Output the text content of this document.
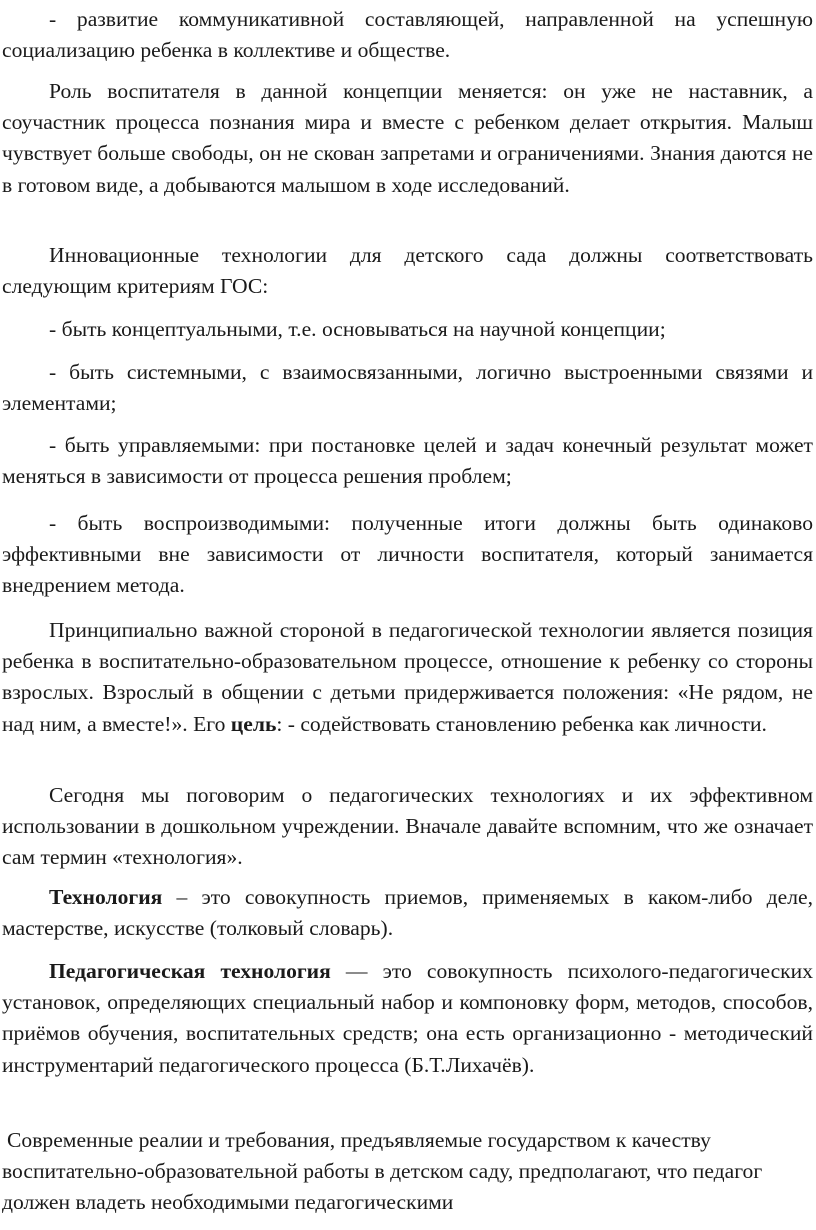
- развитие коммуникативной составляющей, направленной на успешную социализацию ребенка в коллективе и обществе.

Роль воспитателя в данной концепции меняется: он уже не наставник, а соучастник процесса познания мира и вместе с ребенком делает открытия. Малыш чувствует больше свободы, он не скован запретами и ограничениями. Знания даются не в готовом виде, а добываются малышом в ходе исследований.

Инновационные технологии для детского сада должны соответствовать следующим критериям ГОС:

- быть концептуальными, т.е. основываться на научной концепции;

- быть системными, с взаимосвязанными, логично выстроенными связями и элементами;

- быть управляемыми: при постановке целей и задач конечный результат может меняться в зависимости от процесса решения проблем;

- быть воспроизводимыми: полученные итоги должны быть одинаково эффективными вне зависимости от личности воспитателя, который занимается внедрением метода.

Принципиально важной стороной в педагогической технологии является позиция ребенка в воспитательно-образовательном процессе, отношение к ребенку со стороны взрослых. Взрослый в общении с детьми придерживается положения: «Не рядом, не над ним, а вместе!». Его цель: - содействовать становлению ребенка как личности.

Сегодня мы поговорим о педагогических технологиях и их эффективном использовании в дошкольном учреждении. Вначале давайте вспомним, что же означает сам термин «технология».

Технология – это совокупность приемов, применяемых в каком-либо деле, мастерстве, искусстве (толковый словарь).

Педагогическая технология — это совокупность психолого-педагогических установок, определяющих специальный набор и компоновку форм, методов, способов, приёмов обучения, воспитательных средств; она есть организационно - методический инструментарий педагогического процесса (Б.Т.Лихачёв).

Современные реалии и требования, предъявляемые государством к качеству воспитательно-образовательной работы в детском саду, предполагают, что педагог должен владеть необходимыми педагогическими
